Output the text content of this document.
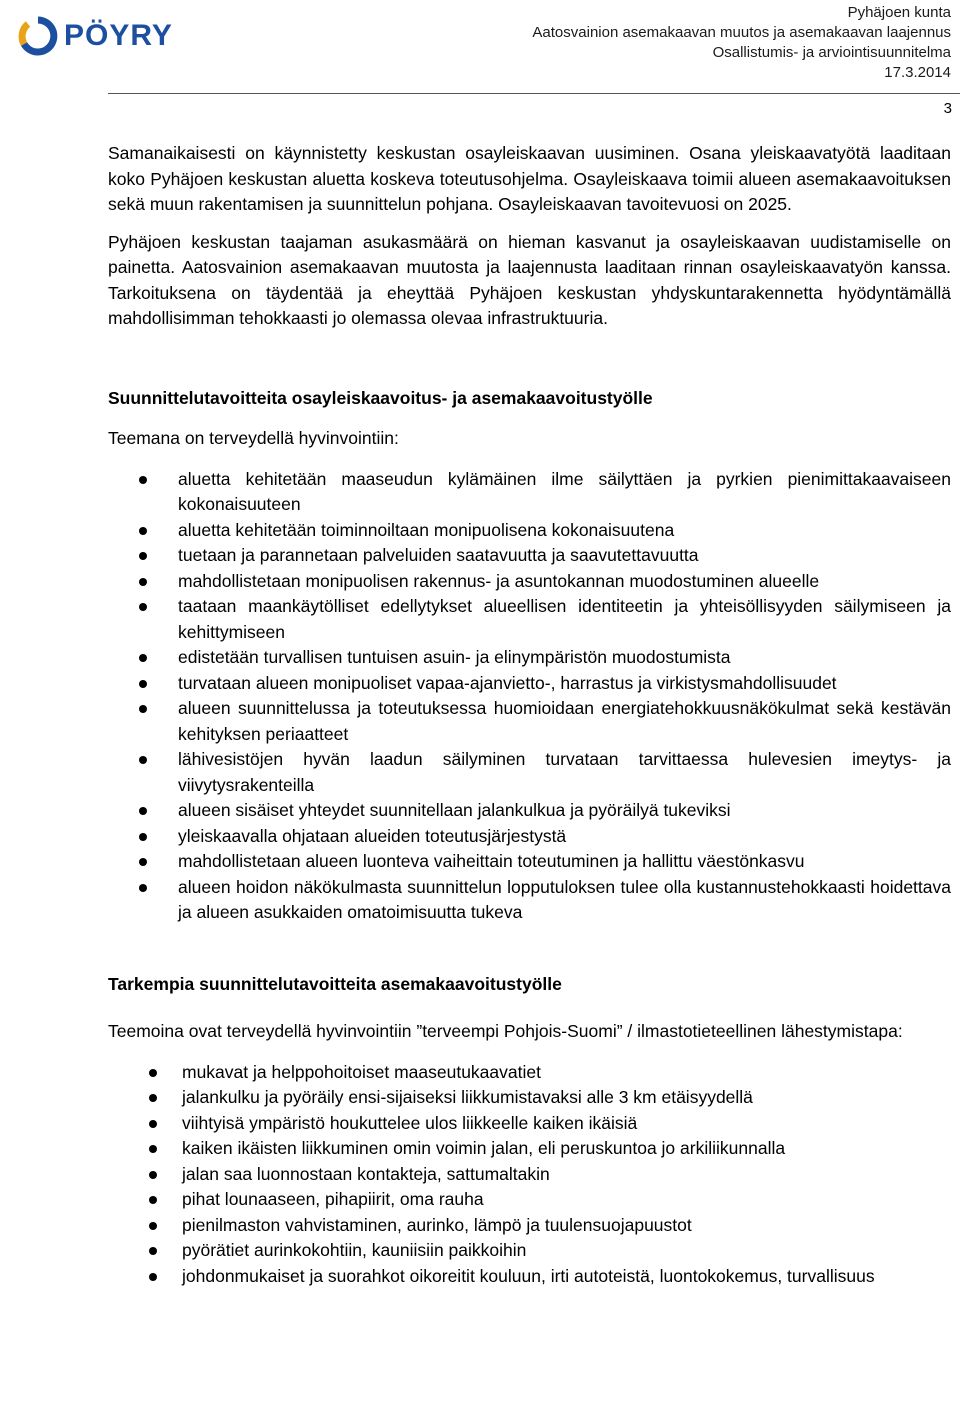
PÖYRY
Pyhäjoen kunta
Aatosvainion asemakaavan muutos ja asemakaavan laajennus
Osallistumis- ja arviointisuunnitelma
17.3.2014
3

Samanaikaisesti on käynnistetty keskustan osayleiskaavan uusiminen. Osana yleiskaavatyötä laaditaan koko Pyhäjoen keskustan aluetta koskeva toteutusohjelma. Osayleiskaava toimii alueen asemakaavoituksen sekä muun rakentamisen ja suunnittelun pohjana. Osayleiskaavan tavoitevuosi on 2025.

Pyhäjoen keskustan taajaman asukasmäärä on hieman kasvanut ja osayleiskaavan uudistamiselle on painetta. Aatosvainion asemakaavan muutosta ja laajennusta laaditaan rinnan osayleiskaavatyön kanssa. Tarkoituksena on täydentää ja eheyttää Pyhäjoen keskustan yhdyskuntarakennetta hyödyntämällä mahdollisimman tehokkaasti jo olemassa olevaa infrastruktuuria.

Suunnittelutavoitteita osayleiskaavoitus- ja asemakaavoitustyölle

Teemana on terveydellä hyvinvointiin:

aluetta kehitetään maaseudun kylämäinen ilme säilyttäen ja pyrkien pienimittakaavaiseen kokonaisuuteen
aluetta kehitetään toiminnoiltaan monipuolisena kokonaisuutena
tuetaan ja parannetaan palveluiden saatavuutta ja saavutettavuutta
mahdollistetaan monipuolisen rakennus- ja asuntokannan muodostuminen alueelle
taataan maankäytölliset edellytykset alueellisen identiteetin ja yhteisöllisyyden säilymiseen ja kehittymiseen
edistetään turvallisen tuntuisen asuin- ja elinympäristön muodostumista
turvataan alueen monipuoliset vapaa-ajanvietto-, harrastus ja virkistysmahdollisuudet
alueen suunnittelussa ja toteutuksessa huomioidaan energiatehokkuusnäkökulmat sekä kestävän kehityksen periaatteet
lähivesistöjen hyvän laadun säilyminen turvataan tarvittaessa hulevesien imeytys- ja viivytysrakenteilla
alueen sisäiset yhteydet suunnitellaan jalankulkua ja pyöräilyä tukeviksi
yleiskaavalla ohjataan alueiden toteutusjärjestystä
mahdollistetaan alueen luonteva vaiheittain toteutuminen ja hallittu väestönkasvu
alueen hoidon näkökulmasta suunnittelun lopputuloksen tulee olla kustannustehokkaasti hoidettava ja alueen asukkaiden omatoimisuutta tukeva

Tarkempia suunnittelutavoitteita asemakaavoitustyölle

Teemoina ovat terveydellä hyvinvointiin ”terveempi Pohjois-Suomi” / ilmastotieteellinen lähestymistapa:

mukavat ja helppohoitoiset maaseutukaavatiet
jalankulku ja pyöräily ensi-sijaiseksi liikkumistavaksi alle 3 km etäisyydellä
viihtyisä ympäristö houkuttelee ulos liikkeelle kaiken ikäisiä
kaiken ikäisten liikkuminen omin voimin jalan, eli peruskuntoa jo arkiliikunnalla
jalan saa luonnostaan kontakteja, sattumaltakin
pihat lounaaseen, pihapiirit, oma rauha
pienilmaston vahvistaminen, aurinko, lämpö ja tuulensuojapuustot
pyörätiet aurinkokohtiin, kauniisiin paikkoihin
johdonmukaiset ja suorahkot oikoreitit kouluun, irti autoteistä, luontokokemus, turvallisuus
